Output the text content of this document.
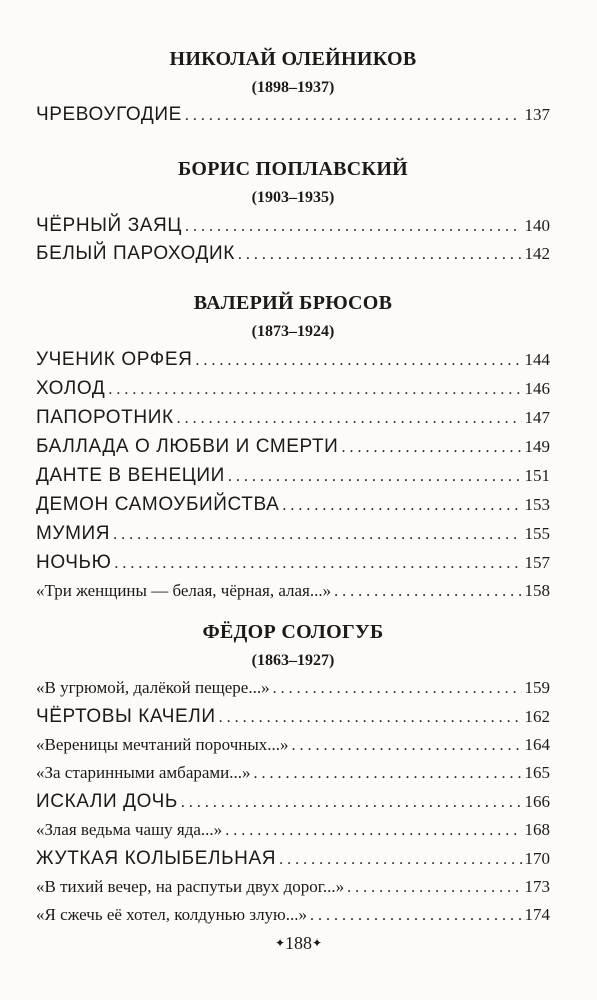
НИКОЛАЙ ОЛЕЙНИКОВ
(1898–1937)
ЧРЕВОУГОДИЕ . . .	137
БОРИС ПОПЛАВСКИЙ
(1903–1935)
ЧЁРНЫЙ ЗАЯЦ . . .	140
БЕЛЫЙ ПАРОХОДИК . . .	142
ВАЛЕРИЙ БРЮСОВ
(1873–1924)
УЧЕНИК ОРФЕЯ . . .	144
ХОЛОД . . .	146
ПАПОРОТНИК . . .	147
БАЛЛАДА О ЛЮБВИ И СМЕРТИ . . .	149
ДАНТЕ В ВЕНЕЦИИ . . .	151
ДЕМОН САМОУБИЙСТВА . . .	153
МУМИЯ . . .	155
НОЧЬЮ . . .	157
«Три женщины — белая, чёрная, алая...» . . .	158
ФЁДОР СОЛОГУБ
(1863–1927)
«В угрюмой, далёкой пещере...» . . .	159
ЧЁРТОВЫ КАЧЕЛИ . . .	162
«Вереницы мечтаний порочных...» . . .	164
«За старинными амбарами...» . . .	165
ИСКАЛИ ДОЧЬ . . .	166
«Злая ведьма чашу яда...» . . .	168
ЖУТКАЯ КОЛЫБЕЛЬНАЯ . . .	170
«В тихий вечер, на распутьи двух дорог...» . . .	173
«Я сжечь её хотел, колдунью злую...» . . .	174
✦188✦
